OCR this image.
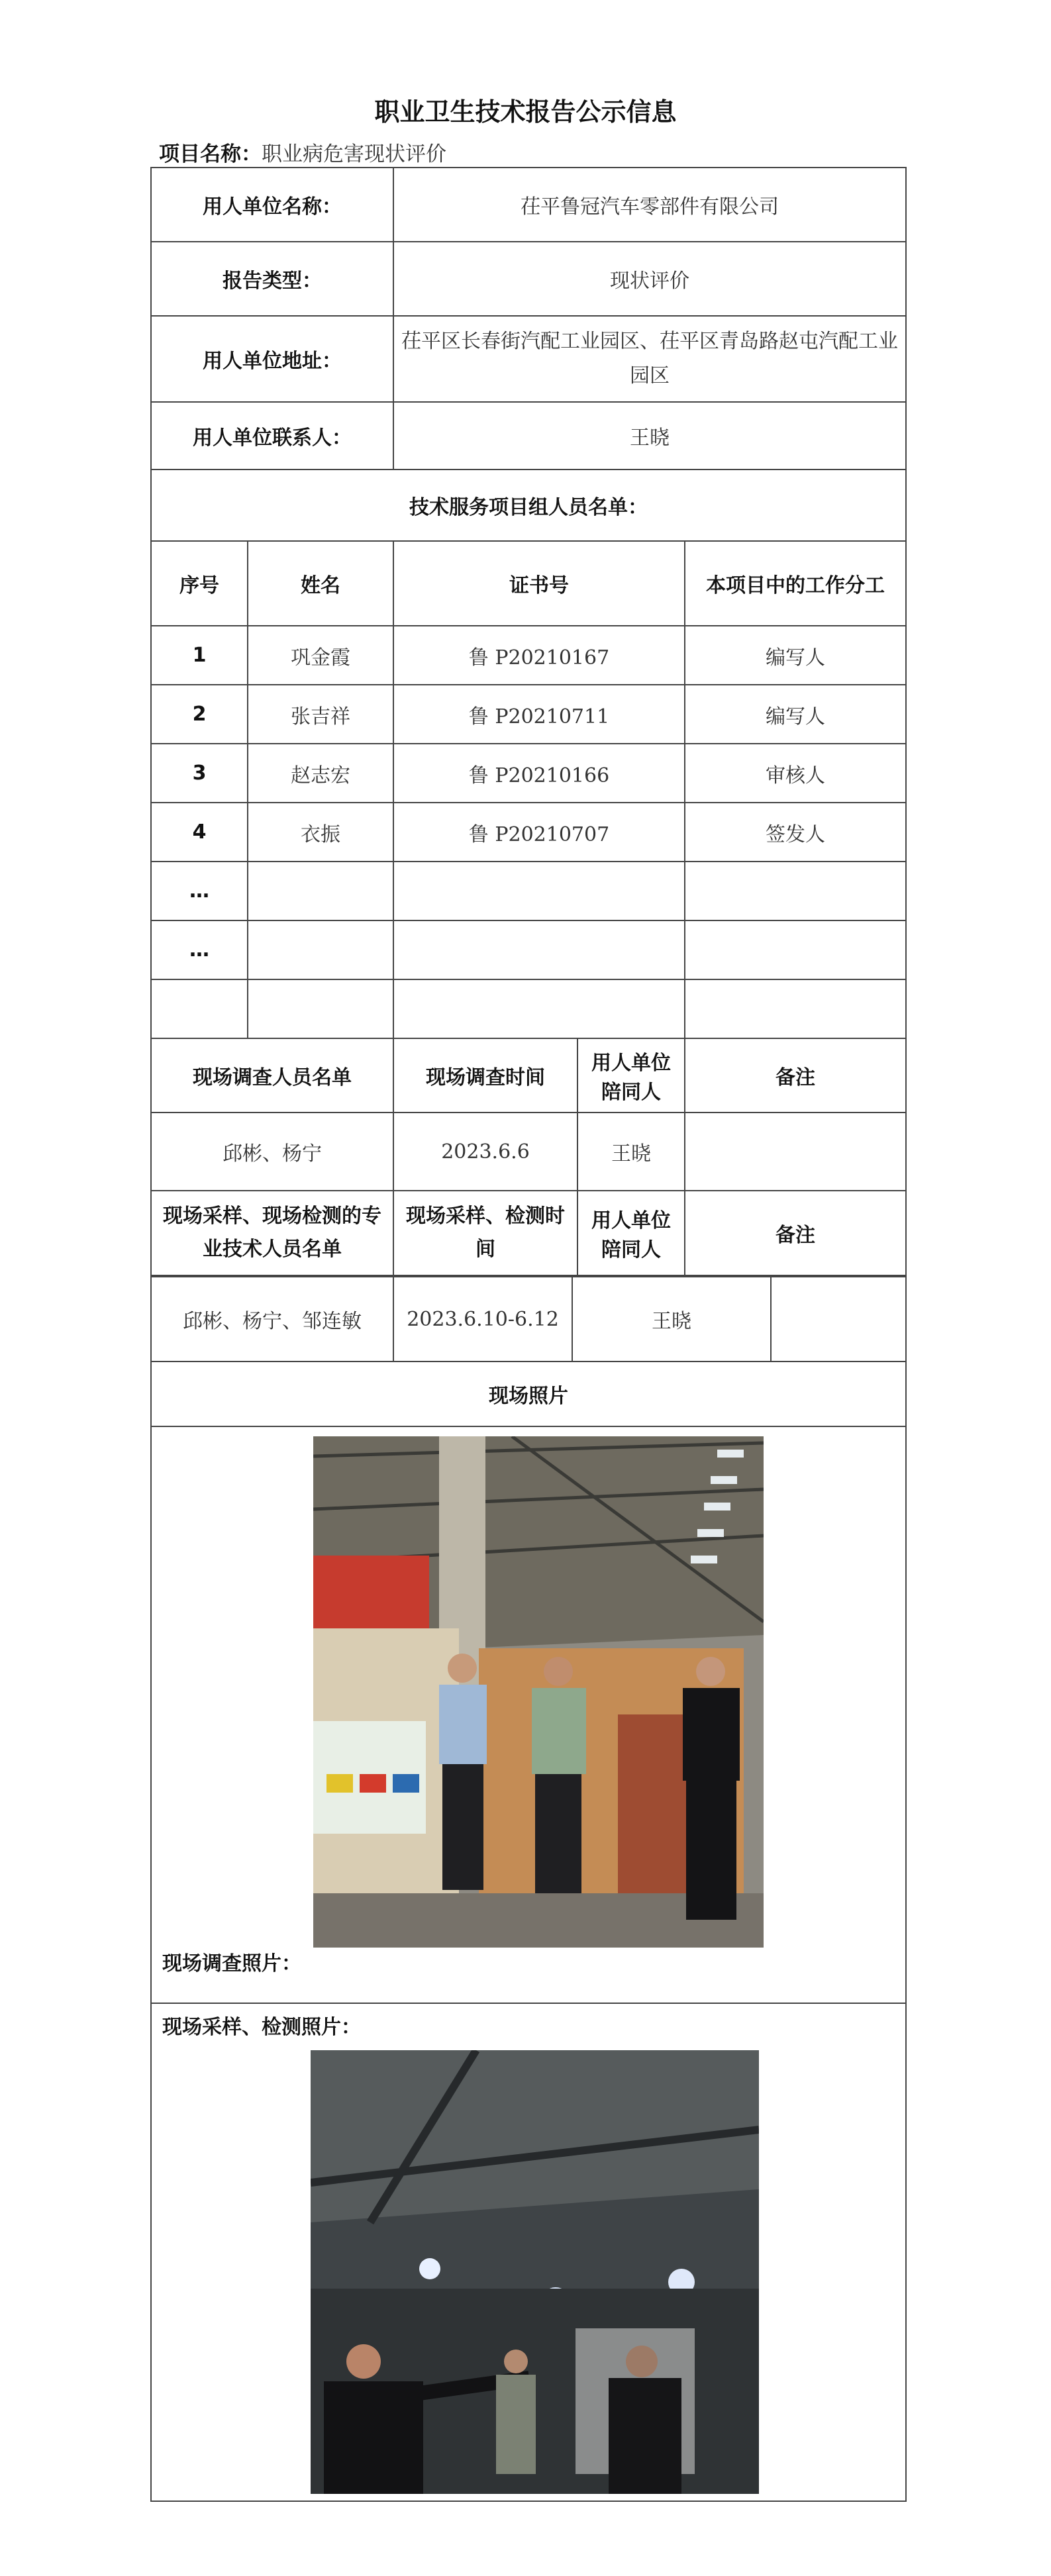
职业卫生技术报告公示信息
项目名称：职业病危害现状评价
用人单位名称：		茌平鲁冠汽车零部件有限公司		
报告类型：		现状评价		
用人单位地址：		茌平区长春街汽配工业园区、茌平区青岛路赵屯汽配工业园区		
用人单位联系人：		王晓		
技术服务项目组人员名单：				
序号	姓名	证书号		本项目中的工作分工
1	巩金霞	鲁 P20210167		编写人
2	张吉祥	鲁 P20210711		编写人
3	赵志宏	鲁 P20210166		审核人
4	衣振	鲁 P20210707		签发人
…				
…				

现场调查人员名单		现场调查时间	用人单位陪同人	备注
邱彬、杨宁		2023.6.6	王晓	
现场采样、现场检测的专业技术人员名单		现场采样、检测时间	用人单位陪同人	备注
邱彬、杨宁、邹连敏	2023.6.10-6.12	王晓	
现场照片

现场调查照片：

现场采样、检测照片：
